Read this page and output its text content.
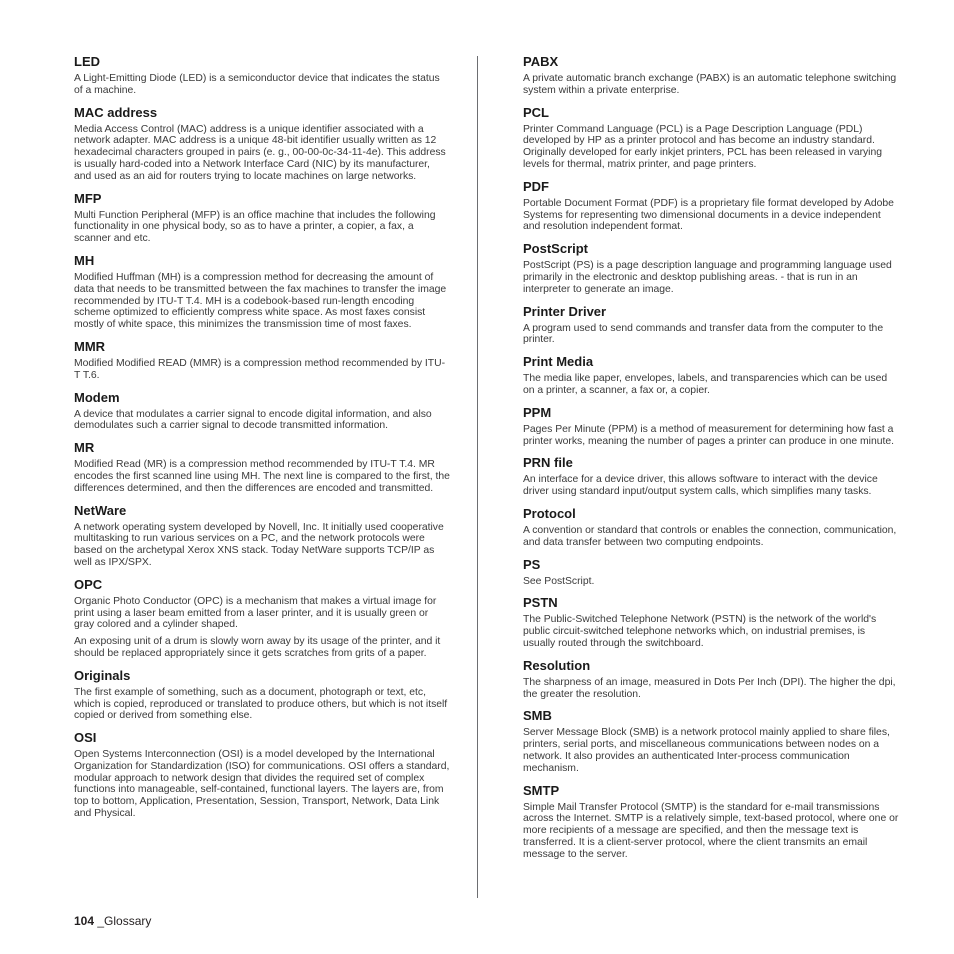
LED

A Light-Emitting Diode (LED) is a semiconductor device that indicates the status of a machine.

MAC address

Media Access Control (MAC) address is a unique identifier associated with a network adapter. MAC address is a unique 48-bit identifier usually written as 12 hexadecimal characters grouped in pairs (e. g., 00-00-0c-34-11-4e). This address is usually hard-coded into a Network Interface Card (NIC) by its manufacturer, and used as an aid for routers trying to locate machines on large networks.

MFP

Multi Function Peripheral (MFP) is an office machine that includes the following functionality in one physical body, so as to have a printer, a copier, a fax, a scanner and etc.

MH

Modified Huffman (MH) is a compression method for decreasing the amount of data that needs to be transmitted between the fax machines to transfer the image recommended by ITU-T T.4. MH is a codebook-based run-length encoding scheme optimized to efficiently compress white space. As most faxes consist mostly of white space, this minimizes the transmission time of most faxes.

MMR

Modified Modified READ (MMR) is a compression method recommended by ITU-T T.6.

Modem

A device that modulates a carrier signal to encode digital information, and also demodulates such a carrier signal to decode transmitted information.

MR

Modified Read (MR) is a compression method recommended by ITU-T T.4. MR encodes the first scanned line using MH. The next line is compared to the first, the differences determined, and then the differences are encoded and transmitted.

NetWare

A network operating system developed by Novell, Inc. It initially used cooperative multitasking to run various services on a PC, and the network protocols were based on the archetypal Xerox XNS stack. Today NetWare supports TCP/IP as well as IPX/SPX.

OPC

Organic Photo Conductor (OPC) is a mechanism that makes a virtual image for print using a laser beam emitted from a laser printer, and it is usually green or gray colored and a cylinder shaped.

An exposing unit of a drum is slowly worn away by its usage of the printer, and it should be replaced appropriately since it gets scratches from grits of a paper.

Originals

The first example of something, such as a document, photograph or text, etc, which is copied, reproduced or translated to produce others, but which is not itself copied or derived from something else.

OSI

Open Systems Interconnection (OSI) is a model developed by the International Organization for Standardization (ISO) for communications. OSI offers a standard, modular approach to network design that divides the required set of complex functions into manageable, self-contained, functional layers. The layers are, from top to bottom, Application, Presentation, Session, Transport, Network, Data Link and Physical.

PABX

A private automatic branch exchange (PABX) is an automatic telephone switching system within a private enterprise.

PCL

Printer Command Language (PCL) is a Page Description Language (PDL) developed by HP as a printer protocol and has become an industry standard. Originally developed for early inkjet printers, PCL has been released in varying levels for thermal, matrix printer, and page printers.

PDF

Portable Document Format (PDF) is a proprietary file format developed by Adobe Systems for representing two dimensional documents in a device independent and resolution independent format.

PostScript

PostScript (PS) is a page description language and programming language used primarily in the electronic and desktop publishing areas. - that is run in an interpreter to generate an image.

Printer Driver

A program used to send commands and transfer data from the computer to the printer.

Print Media

The media like paper, envelopes, labels, and transparencies which can be used on a printer, a scanner, a fax or, a copier.

PPM

Pages Per Minute (PPM) is a method of measurement for determining how fast a printer works, meaning the number of pages a printer can produce in one minute.

PRN file

An interface for a device driver, this allows software to interact with the device driver using standard input/output system calls, which simplifies many tasks.

Protocol

A convention or standard that controls or enables the connection, communication, and data transfer between two computing endpoints.

PS

See PostScript.

PSTN

The Public-Switched Telephone Network (PSTN) is the network of the world's public circuit-switched telephone networks which, on industrial premises, is usually routed through the switchboard.

Resolution

The sharpness of an image, measured in Dots Per Inch (DPI). The higher the dpi, the greater the resolution.

SMB

Server Message Block (SMB) is a network protocol mainly applied to share files, printers, serial ports, and miscellaneous communications between nodes on a network. It also provides an authenticated Inter-process communication mechanism.

SMTP

Simple Mail Transfer Protocol (SMTP) is the standard for e-mail transmissions across the Internet. SMTP is a relatively simple, text-based protocol, where one or more recipients of a message are specified, and then the message text is transferred. It is a client-server protocol, where the client transmits an email message to the server.

104 _Glossary
